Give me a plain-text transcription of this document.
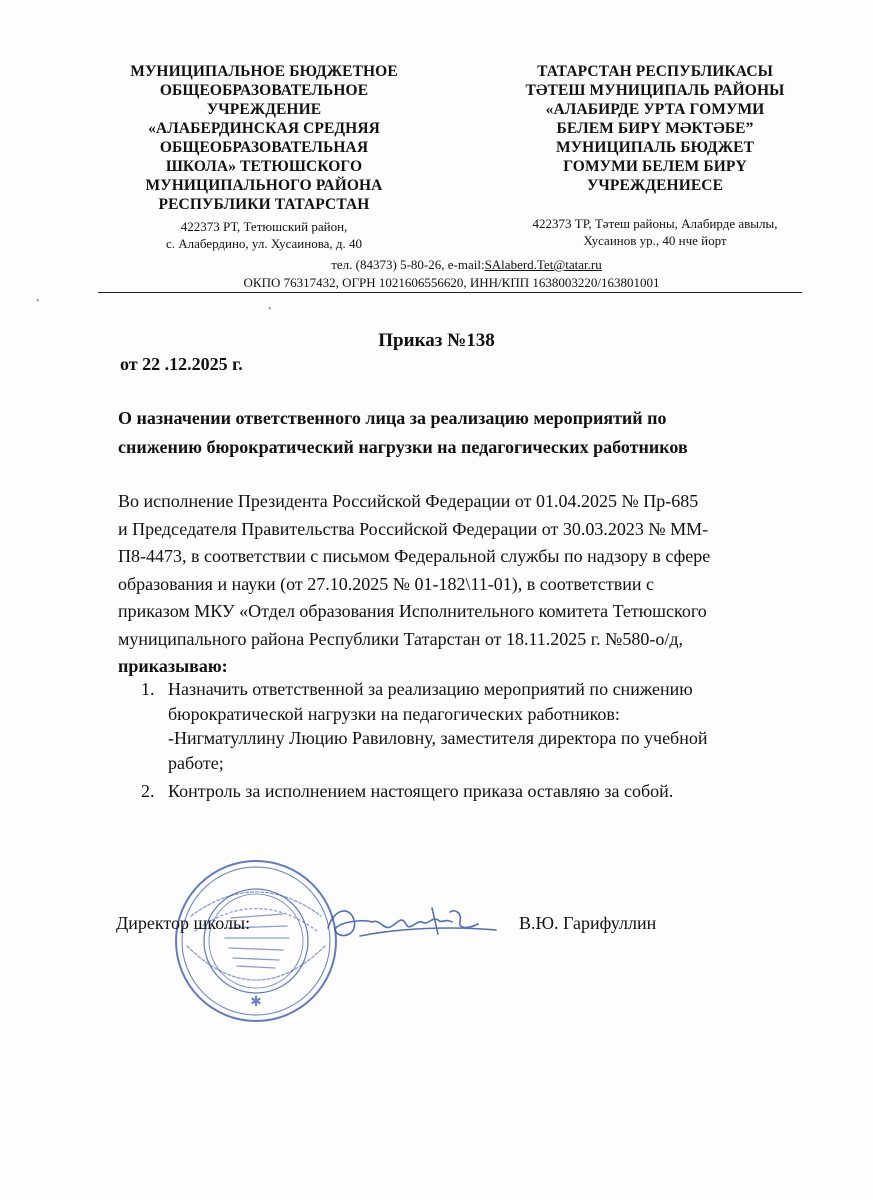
МУНИЦИПАЛЬНОЕ БЮДЖЕТНОЕ
ОБЩЕОБРАЗОВАТЕЛЬНОЕ
УЧРЕЖДЕНИЕ
«АЛАБЕРДИНСКАЯ СРЕДНЯЯ
ОБЩЕОБРАЗОВАТЕЛЬНАЯ
ШКОЛА» ТЕТЮШСКОГО
МУНИЦИПАЛЬНОГО РАЙОНА
РЕСПУБЛИКИ ТАТАРСТАН
422373 РТ, Тетюшский район,
с. Алабердино, ул. Хусаинова, д. 40
ТАТАРСТАН РЕСПУБЛИКАСЫ
ТӘТЕШ МУНИЦИПАЛЬ РАЙОНЫ
«АЛАБИРДЕ УРТА ГОМУМИ
БЕЛЕМ БИРҮ МӘКТӘБЕ”
МУНИЦИПАЛЬ БЮДЖЕТ
ГОМУМИ БЕЛЕМ БИРҮ
УЧРЕЖДЕНИЕСЕ
422373 ТР, Тәтеш районы, Алабирде авылы,
Хусаинов ур., 40 нче йорт
тел. (84373) 5-80-26, e-mail:SAlaberd.Tet@tatar.ru
ОКПО 76317432, ОГРН 1021606556620, ИНН/КПП 1638003220/163801001
•
•
Приказ №138
от 22 .12.2025 г.
О назначении ответственного лица за реализацию мероприятий по
снижению бюрократический нагрузки на педагогических работников
Во исполнение Президента Российской Федерации от 01.04.2025 № Пр-685
и Председателя Правительства Российской Федерации от 30.03.2023 № ММ-
П8-4473, в соответствии с письмом Федеральной службы по надзору в сфере
образования и науки (от 27.10.2025 № 01-182\11-01), в соответствии с
приказом МКУ «Отдел образования Исполнительного комитета Тетюшского
муниципального района Республики Татарстан от 18.11.2025 г. №580-о/д,
приказываю:
1. Назначить ответственной за реализацию мероприятий по снижению
бюрократической нагрузки на педагогических работников:
-Нигматуллину Люцию Равиловну, заместителя директора по учебной
работе;
2. Контроль за исполнением настоящего приказа оставляю за собой.
✱
Директор школы:	В.Ю. Гарифуллин
